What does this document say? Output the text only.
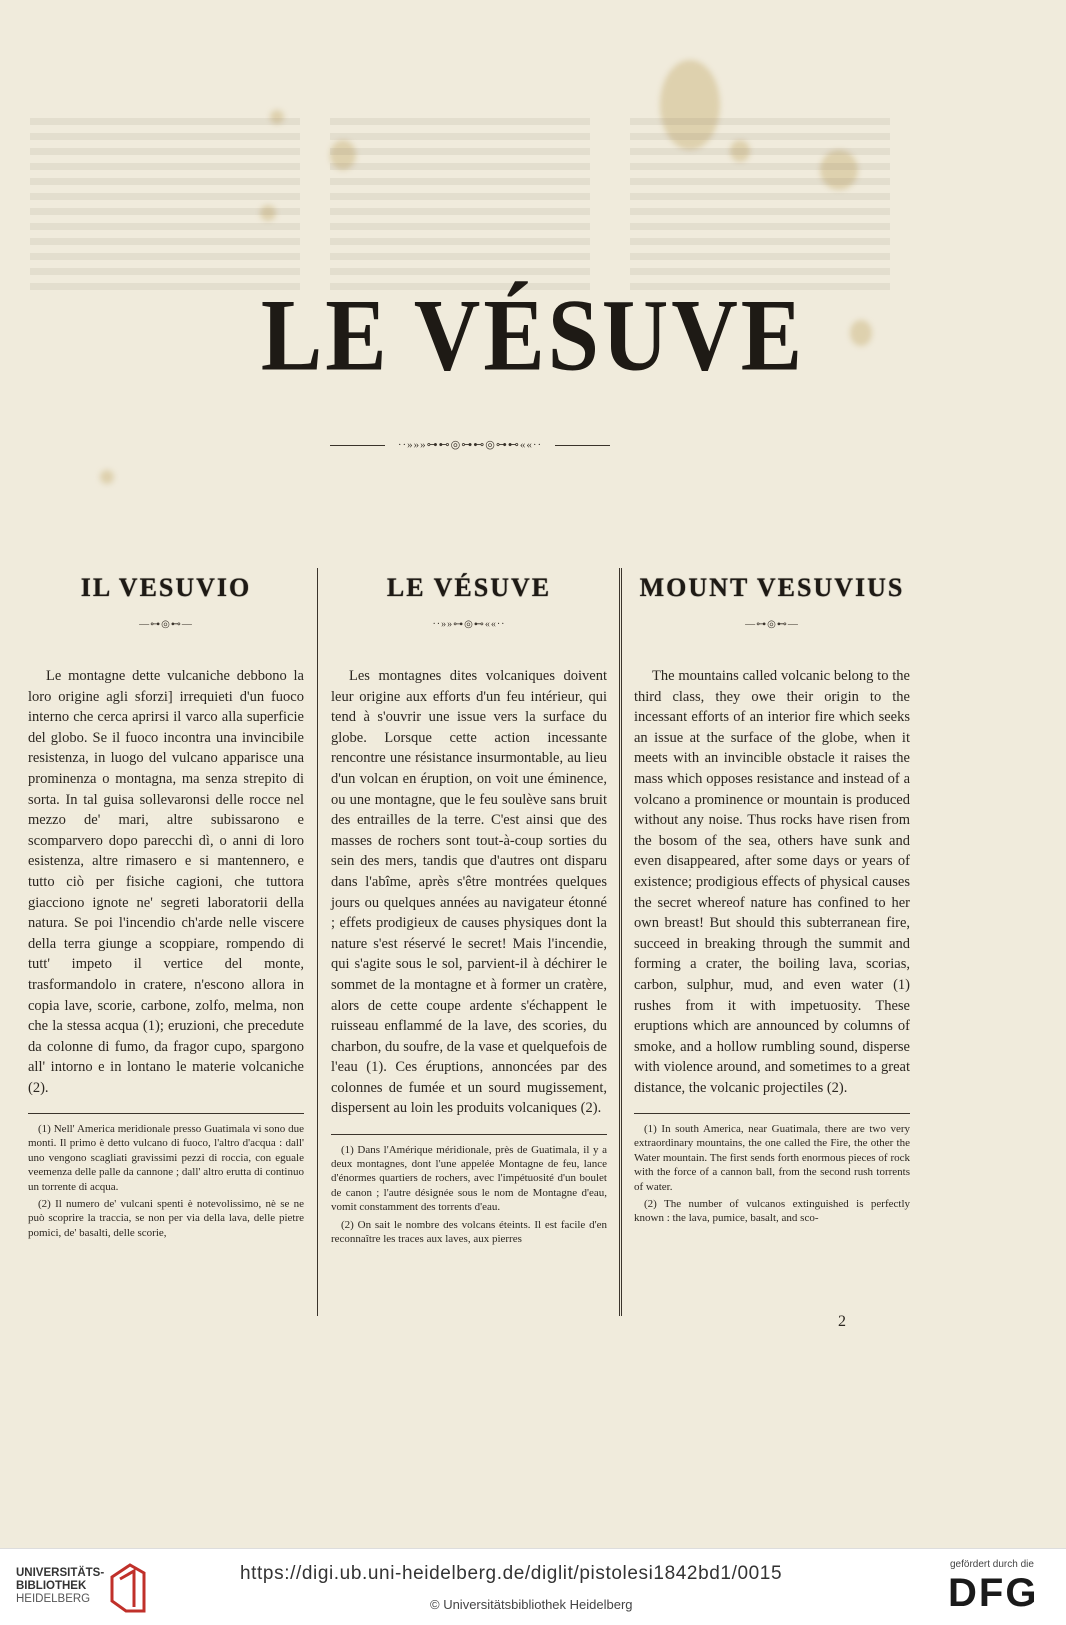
LE VÉSUVE
··»»»⊶⊷◎⊶⊷◎⊶⊷««··
IL VESUVIO
—⊶◎⊷—

Le montagne dette vulcaniche debbono la loro origine agli sforzi] irrequieti d'un fuoco interno che cerca aprirsi il varco alla superficie del globo. Se il fuoco incontra una invincibile resistenza, in luogo del vulcano apparisce una prominenza o montagna, ma senza strepito di sorta. In tal guisa sollevaronsi delle rocce nel mezzo de' mari, altre subissarono e scomparvero dopo parecchi dì, o anni di loro esistenza, altre rimasero e si mantennero, e tutto ciò per fisiche cagioni, che tuttora giacciono ignote ne' segreti laboratorii della natura. Se poi l'incendio ch'arde nelle viscere della terra giunge a scoppiare, rompendo di tutt' impeto il vertice del monte, trasformandolo in cratere, n'escono allora in copia lave, scorie, carbone, zolfo, melma, non che la stessa acqua (1); eruzioni, che precedute da colonne di fumo, da fragor cupo, spargono all' intorno e in lontano le materie volcaniche (2).

(1) Nell' America meridionale presso Guatimala vi sono due monti. Il primo è detto vulcano di fuoco, l'altro d'acqua : dall' uno vengono scagliati gravissimi pezzi di roccia, con eguale veemenza delle palle da cannone ; dall' altro erutta di continuo un torrente di acqua.

(2) Il numero de' vulcani spenti è notevolissimo, nè se ne può scoprire la traccia, se non per via della lava, delle pietre pomici, de' basalti, delle scorie,

LE VÉSUVE
··»»⊶◎⊷««··

Les montagnes dites volcaniques doivent leur origine aux efforts d'un feu intérieur, qui tend à s'ouvrir une issue vers la surface du globe. Lorsque cette action incessante rencontre une résistance insurmontable, au lieu d'un volcan en éruption, on voit une éminence, ou une montagne, que le feu soulève sans bruit des entrailles de la terre. C'est ainsi que des masses de rochers sont tout-à-coup sorties du sein des mers, tandis que d'autres ont disparu dans l'abîme, après s'être montrées quelques jours ou quelques années au navigateur étonné ; effets prodigieux de causes physiques dont la nature s'est réservé le secret! Mais l'incendie, qui s'agite sous le sol, parvient-il à déchirer le sommet de la montagne et à former un cratère, alors de cette coupe ardente s'échappent le ruisseau enflammé de la lave, des scories, du charbon, du soufre, de la vase et quelquefois de l'eau (1). Ces éruptions, annoncées par des colonnes de fumée et un sourd mugissement, dispersent au loin les produits volcaniques (2).

(1) Dans l'Amérique méridionale, près de Guatimala, il y a deux montagnes, dont l'une appelée Montagne de feu, lance d'énormes quartiers de rochers, avec l'impétuosité d'un boulet de canon ; l'autre désignée sous le nom de Montagne d'eau, vomit constamment des torrents d'eau.

(2) On sait le nombre des volcans éteints. Il est facile d'en reconnaître les traces aux laves, aux pierres

MOUNT VESUVIUS
—⊶◎⊷—

The mountains called volcanic belong to the third class, they owe their origin to the incessant efforts of an interior fire which seeks an issue at the surface of the globe, when it meets with an invincible obstacle it raises the mass which opposes resistance and instead of a volcano a prominence or mountain is produced without any noise. Thus rocks have risen from the bosom of the sea, others have sunk and even disappeared, after some days or years of existence; prodigious effects of physical causes the secret whereof nature has confined to her own breast! But should this subterranean fire, succeed in breaking through the summit and forming a crater, the boiling lava, scorias, carbon, sulphur, mud, and even water (1) rushes from it with impetuosity. These eruptions which are announced by columns of smoke, and a hollow rumbling sound, disperse with violence around, and sometimes to a great distance, the volcanic projectiles (2).

(1) In south America, near Guatimala, there are two very extraordinary mountains, the one called the Fire, the other the Water mountain. The first sends forth enormous pieces of rock with the force of a cannon ball, from the second rush torrents of water.

(2) The number of vulcanos extinguished is perfectly known : the lava, pumice, basalt, and sco-

2
UNIVERSITÄTS-
BIBLIOTHEK
HEIDELBERG
https://digi.ub.uni-heidelberg.de/diglit/pistolesi1842bd1/0015
© Universitätsbibliothek Heidelberg
gefördert durch die
DFG
